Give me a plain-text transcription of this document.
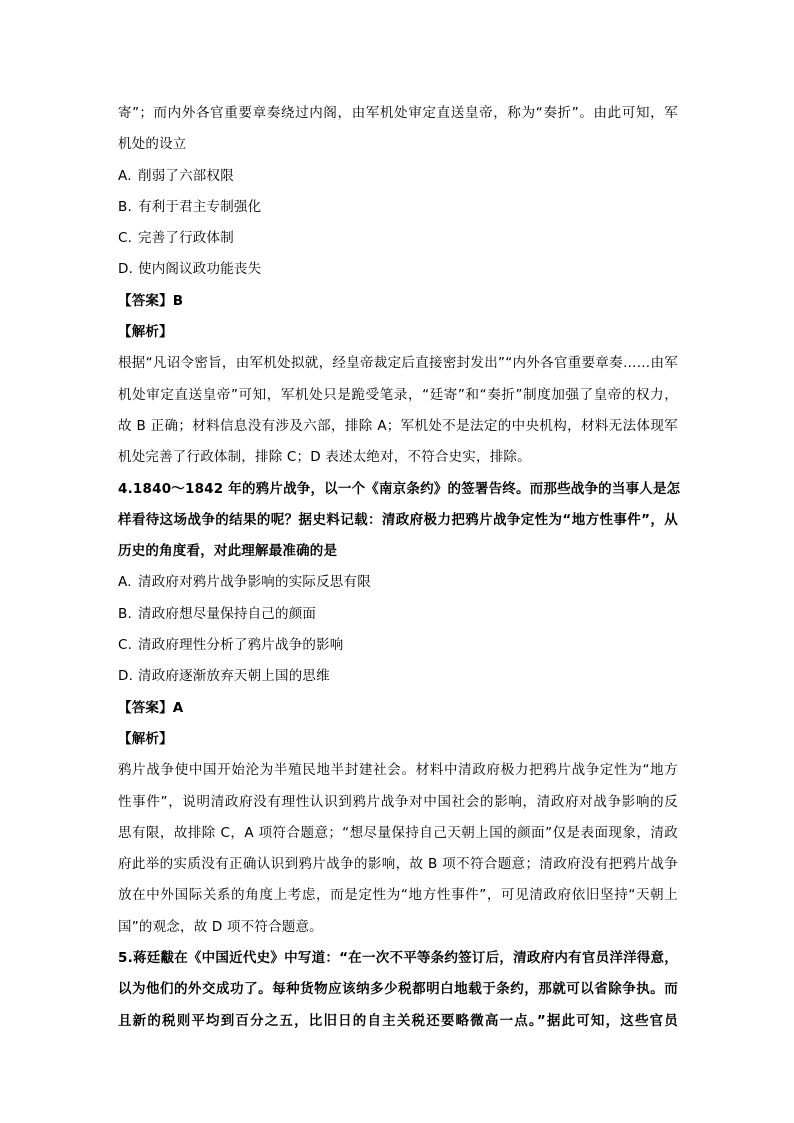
寄”；而内外各官重要章奏绕过内阁，由军机处审定直送皇帝，称为“奏折”。由此可知，军
机处的设立
A. 削弱了六部权限
B. 有利于君主专制强化
C. 完善了行政体制
D. 使内阁议政功能丧失
【答案】B
【解析】
根据“凡诏令密旨，由军机处拟就，经皇帝裁定后直接密封发出”“内外各官重要章奏……由军
机处审定直送皇帝”可知，军机处只是跪受笔录，“廷寄”和“奏折”制度加强了皇帝的权力，
故 B 正确；材料信息没有涉及六部，排除 A；军机处不是法定的中央机构，材料无法体现军
机处完善了行政体制，排除 C；D 表述太绝对，不符合史实，排除。
4.1840～1842 年的鸦片战争，以一个《南京条约》的签署告终。而那些战争的当事人是怎
样看待这场战争的结果的呢？据史料记载：清政府极力把鸦片战争定性为“地方性事件”，从
历史的角度看，对此理解最准确的是
A. 清政府对鸦片战争影响的实际反思有限
B. 清政府想尽量保持自己的颜面
C. 清政府理性分析了鸦片战争的影响
D. 清政府逐渐放弃天朝上国的思维
【答案】A
【解析】
鸦片战争使中国开始沦为半殖民地半封建社会。材料中清政府极力把鸦片战争定性为“地方
性事件”，说明清政府没有理性认识到鸦片战争对中国社会的影响，清政府对战争影响的反
思有限，故排除 C，A 项符合题意；“想尽量保持自己天朝上国的颜面”仅是表面现象，清政
府此举的实质没有正确认识到鸦片战争的影响，故 B 项不符合题意；清政府没有把鸦片战争
放在中外国际关系的角度上考虑，而是定性为“地方性事件”，可见清政府依旧坚持“天朝上
国”的观念，故 D 项不符合题意。
5.蒋廷黻在《中国近代史》中写道：“在一次不平等条约签订后，清政府内有官员洋洋得意，
以为他们的外交成功了。每种货物应该纳多少税都明白地载于条约，那就可以省除争执。而
且新的税则平均到百分之五，比旧日的自主关税还要略微高一点。”据此可知，这些官员
